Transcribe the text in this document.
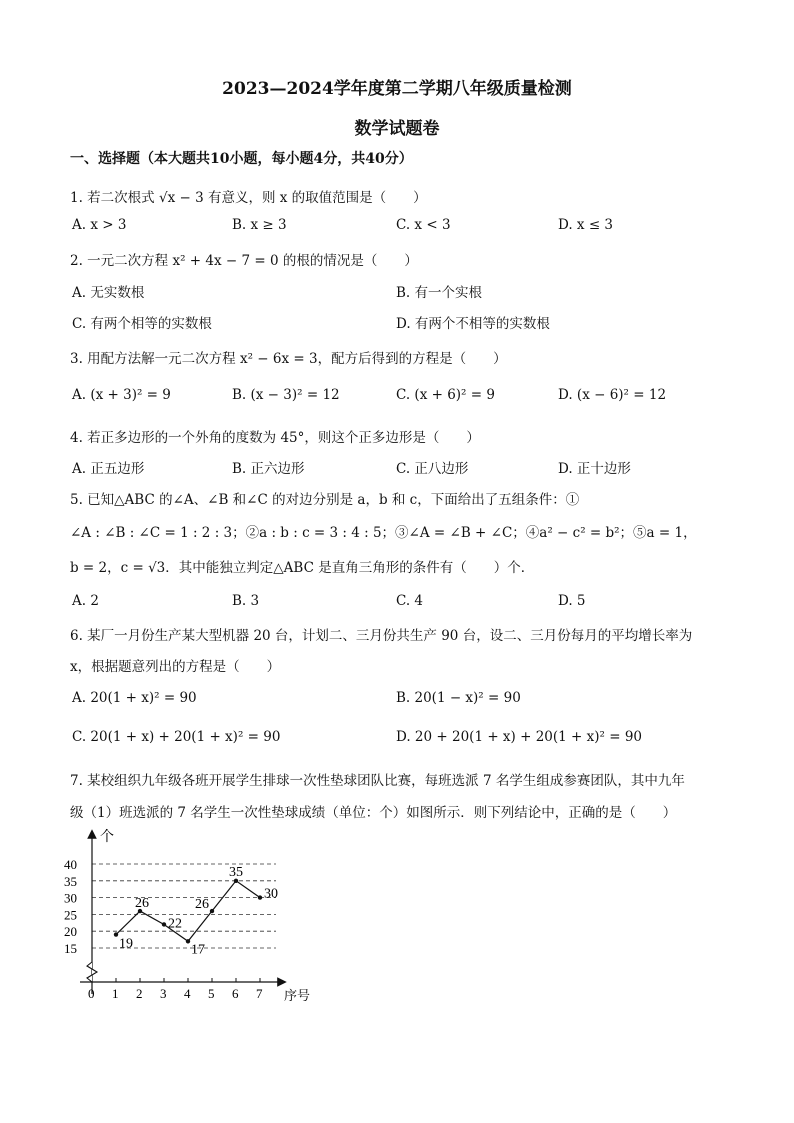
2023—2024学年度第二学期八年级质量检测
数学试题卷
一、选择题（本大题共10小题，每小题4分，共40分）
1. 若二次根式 √x − 3 有意义，则 x 的取值范围是（　　）
A. x > 3	B. x ≥ 3	C. x < 3	D. x ≤ 3
2. 一元二次方程 x² + 4x − 7 = 0 的根的情况是（　　）
A. 无实数根	B. 有一个实根
C. 有两个相等的实数根	D. 有两个不相等的实数根
3. 用配方法解一元二次方程 x² − 6x = 3，配方后得到的方程是（　　）
A. (x + 3)² = 9	B. (x − 3)² = 12	C. (x + 6)² = 9	D. (x − 6)² = 12
4. 若正多边形的一个外角的度数为 45°，则这个正多边形是（　　）
A. 正五边形	B. 正六边形	C. 正八边形	D. 正十边形
5. 已知△ABC 的∠A、∠B 和∠C 的对边分别是 a，b 和 c，下面给出了五组条件：①
∠A : ∠B : ∠C = 1 : 2 : 3；②a : b : c = 3 : 4 : 5；③∠A = ∠B + ∠C；④a² − c² = b²；⑤a = 1，
b = 2，c = √3．其中能独立判定△ABC 是直角三角形的条件有（　　）个．
A. 2	B. 3	C. 4	D. 5
6. 某厂一月份生产某大型机器 20 台，计划二、三月份共生产 90 台，设二、三月份每月的平均增长率为
x，根据题意列出的方程是（　　）
A. 20(1 + x)² = 90	B. 20(1 − x)² = 90
C. 20(1 + x) + 20(1 + x)² = 90	D. 20 + 20(1 + x) + 20(1 + x)² = 90
7. 某校组织九年级各班开展学生排球一次性垫球团队比赛，每班选派 7 名学生组成参赛团队，其中九年
级（1）班选派的 7 名学生一次性垫球成绩（单位：个）如图所示．则下列结论中，正确的是（　　）
个
序号
40
35
30
25
20
15
0 1 2 3 4 5 6 7
19
26
22
17
26
35
30
